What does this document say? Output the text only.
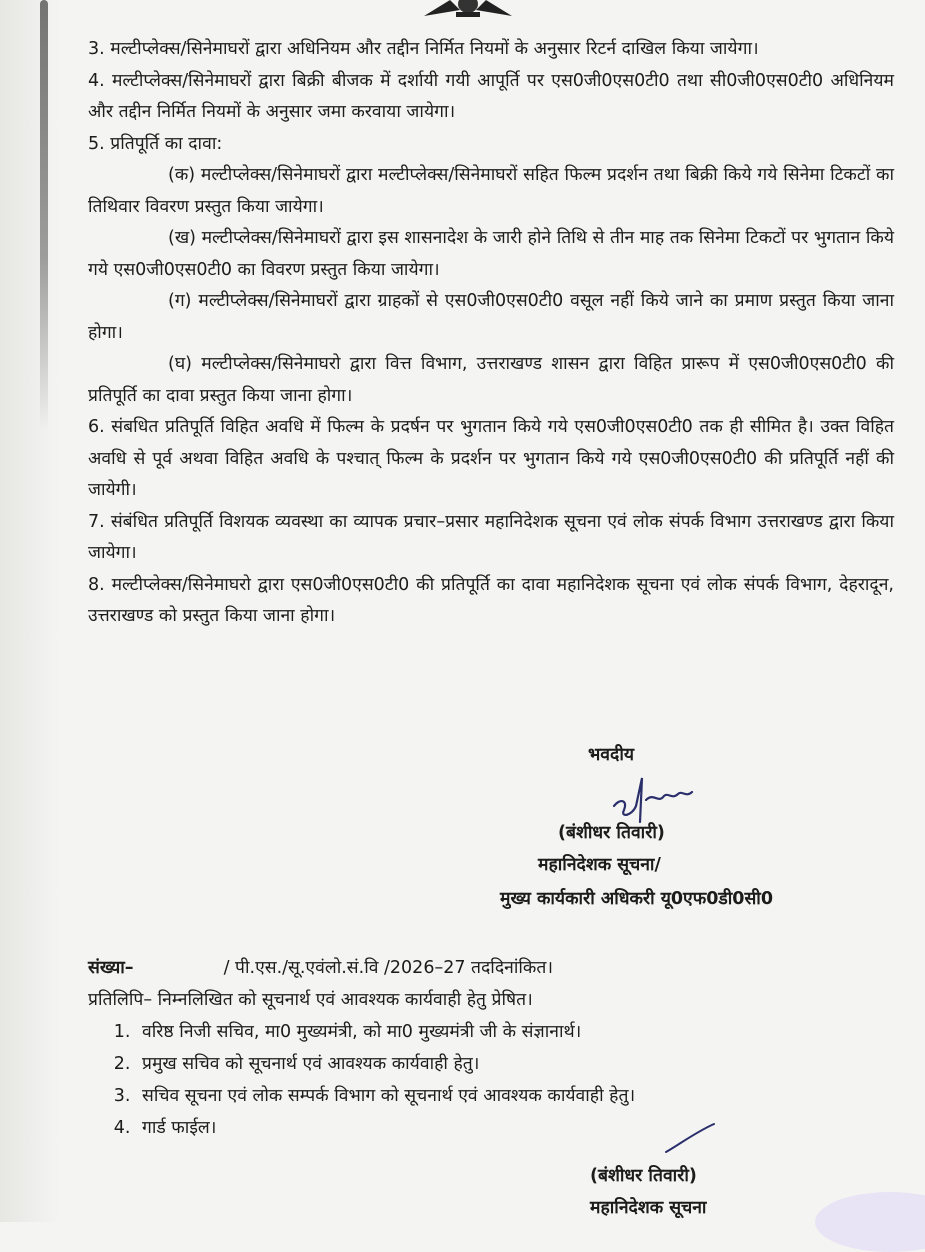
3. मल्टीप्लेक्स/सिनेमाघरों द्वारा अधिनियम और तद्दीन निर्मित नियमों के अनुसार रिटर्न दाखिल किया जायेगा।

4. मल्टीप्लेक्स/सिनेमाघरों द्वारा बिक्री बीजक में दर्शायी गयी आपूर्ति पर एस0जी0एस0टी0 तथा सी0जी0एस0टी0 अधिनियम और तद्दीन निर्मित नियमों के अनुसार जमा करवाया जायेगा।

5. प्रतिपूर्ति का दावा:

(क) मल्टीप्लेक्स/सिनेमाघरों द्वारा मल्टीप्लेक्स/सिनेमाघरों सहित फिल्म प्रदर्शन तथा बिक्री किये गये सिनेमा टिकटों का तिथिवार विवरण प्रस्तुत किया जायेगा।

(ख) मल्टीप्लेक्स/सिनेमाघरों द्वारा इस शासनादेश के जारी होने तिथि से तीन माह तक सिनेमा टिकटों पर भुगतान किये गये एस0जी0एस0टी0 का विवरण प्रस्तुत किया जायेगा।

(ग) मल्टीप्लेक्स/सिनेमाघरों द्वारा ग्राहकों से एस0जी0एस0टी0 वसूल नहीं किये जाने का प्रमाण प्रस्तुत किया जाना होगा।

(घ) मल्टीप्लेक्स/सिनेमाघरो द्वारा वित्त विभाग, उत्तराखण्ड शासन द्वारा विहित प्रारूप में एस0जी0एस0टी0 की प्रतिपूर्ति का दावा प्रस्तुत किया जाना होगा।

6. संबधित प्रतिपूर्ति विहित अवधि में फिल्म के प्रदर्षन पर भुगतान किये गये एस0जी0एस0टी0 तक ही सीमित है। उक्त विहित अवधि से पूर्व अथवा विहित अवधि के पश्चात् फिल्म के प्रदर्शन पर भुगतान किये गये एस0जी0एस0टी0 की प्रतिपूर्ति नहीं की जायेगी।

7. संबंधित प्रतिपूर्ति विशयक व्यवस्था का व्यापक प्रचार–प्रसार महानिदेशक सूचना एवं लोक संपर्क विभाग उत्तराखण्ड द्वारा किया जायेगा।

8. मल्टीप्लेक्स/सिनेमाघरो द्वारा एस0जी0एस0टी0 की प्रतिपूर्ति का दावा महानिदेशक सूचना एवं लोक संपर्क विभाग, देहरादून, उत्तराखण्ड को प्रस्तुत किया जाना होगा।

भवदीय
(बंशीधर तिवारी)
महानिदेशक सूचना/
मुख्य कार्यकारी अधिकरी यू0एफ0डी0सी0
संख्या–	/ पी.एस./सू.एवंलो.सं.वि /2026–27 तददिनांकित।
प्रतिलिपि– निम्नलिखित को सूचनार्थ एवं आवश्यक कार्यवाही हेतु प्रेषित।
1. वरिष्ठ निजी सचिव, मा0 मुख्यमंत्री, को मा0 मुख्यमंत्री जी के संज्ञानार्थ।
2. प्रमुख सचिव को सूचनार्थ एवं आवश्यक कार्यवाही हेतु।
3. सचिव सूचना एवं लोक सम्पर्क विभाग को सूचनार्थ एवं आवश्यक कार्यवाही हेतु।
4. गार्ड फाईल।
(बंशीधर तिवारी)
महानिदेशक सूचना
